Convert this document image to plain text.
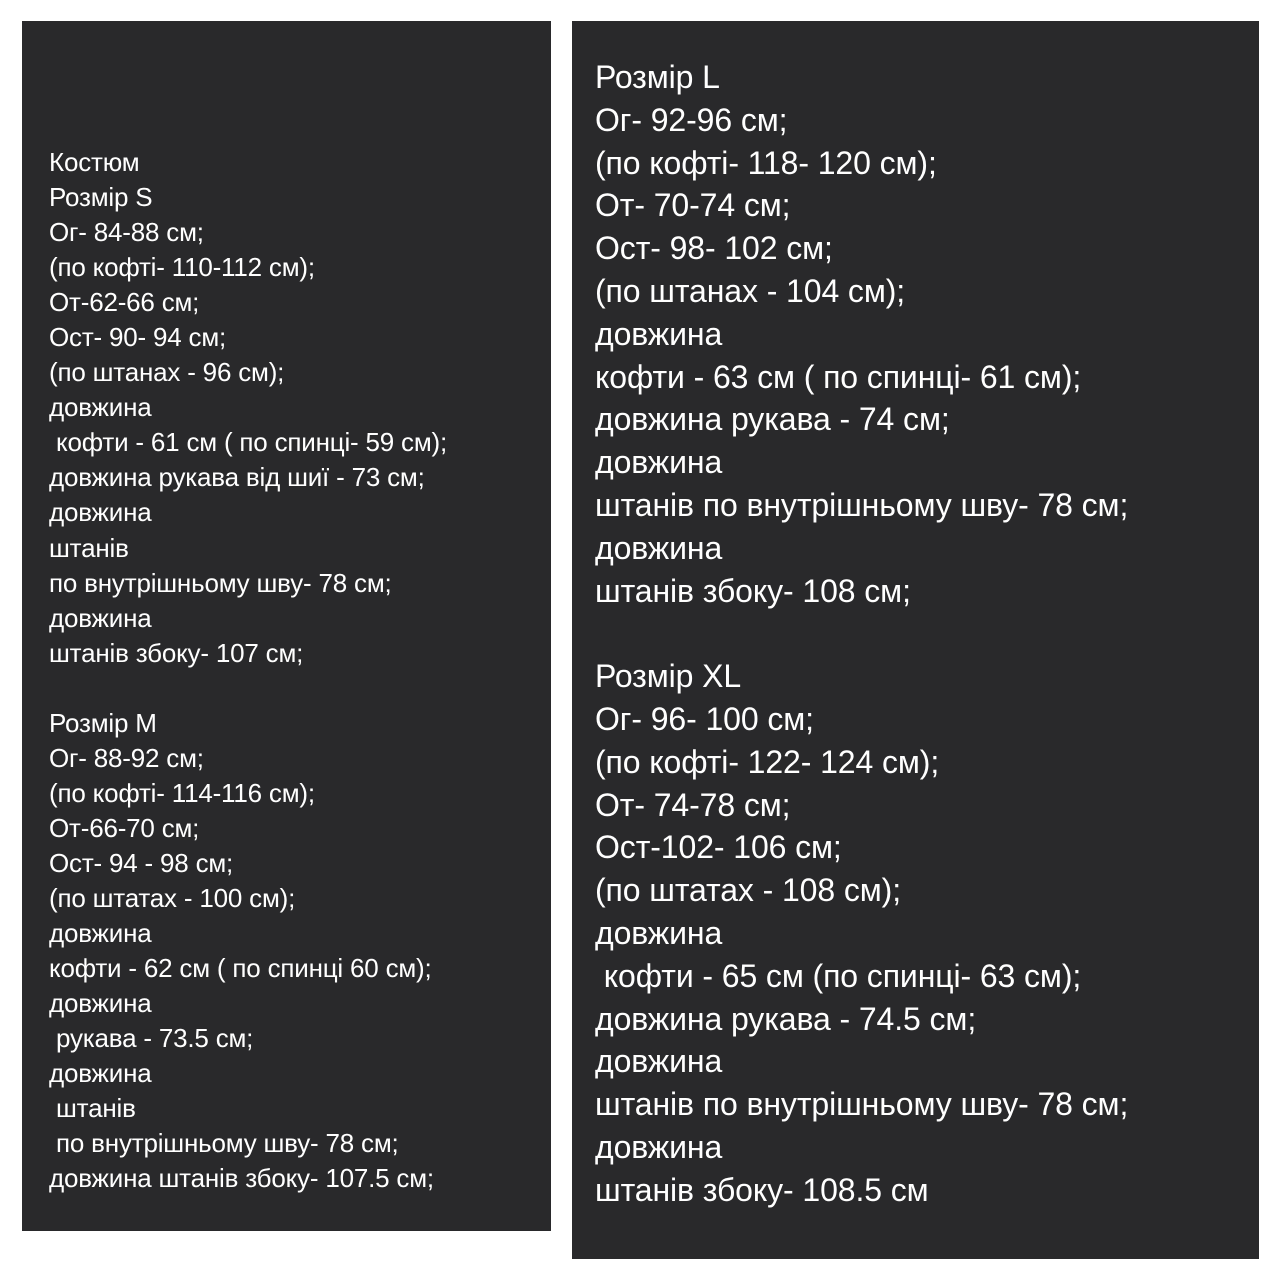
Костюм
Розмір S
Ог- 84-88 см;
(по кофті- 110-112 см);
От-62-66 см;
Ост- 90- 94 см;
(по штанах - 96 см);
довжина
кофти - 61 см ( по спинці- 59 см);
довжина рукава від шиї - 73 см;
довжина
штанів
по внутрішньому шву- 78 см;
довжина
штанів збоку- 107 см;
Розмір M
Ог- 88-92 см;
(по кофті- 114-116 см);
От-66-70 см;
Ост- 94 - 98 см;
(по штатах - 100 см);
довжина
кофти - 62 см ( по спинці 60 см);
довжина
рукава - 73.5 см;
довжина
штанів
по внутрішньому шву- 78 см;
довжина штанів збоку- 107.5 см;
Розмір L
Ог- 92-96 см;
(по кофті- 118- 120 см);
От- 70-74 см;
Ост- 98- 102 см;
(по штанах - 104 см);
довжина
кофти - 63 см ( по спинці- 61 см);
довжина рукава - 74 см;
довжина
штанів по внутрішньому шву- 78 см;
довжина
штанів збоку- 108 см;
Розмір XL
Ог- 96- 100 см;
(по кофті- 122- 124 см);
От- 74-78 см;
Ост-102- 106 см;
(по штатах - 108 см);
довжина
кофти - 65 см (по спинці- 63 см);
довжина рукава - 74.5 см;
довжина
штанів по внутрішньому шву- 78 см;
довжина
штанів збоку- 108.5 см
